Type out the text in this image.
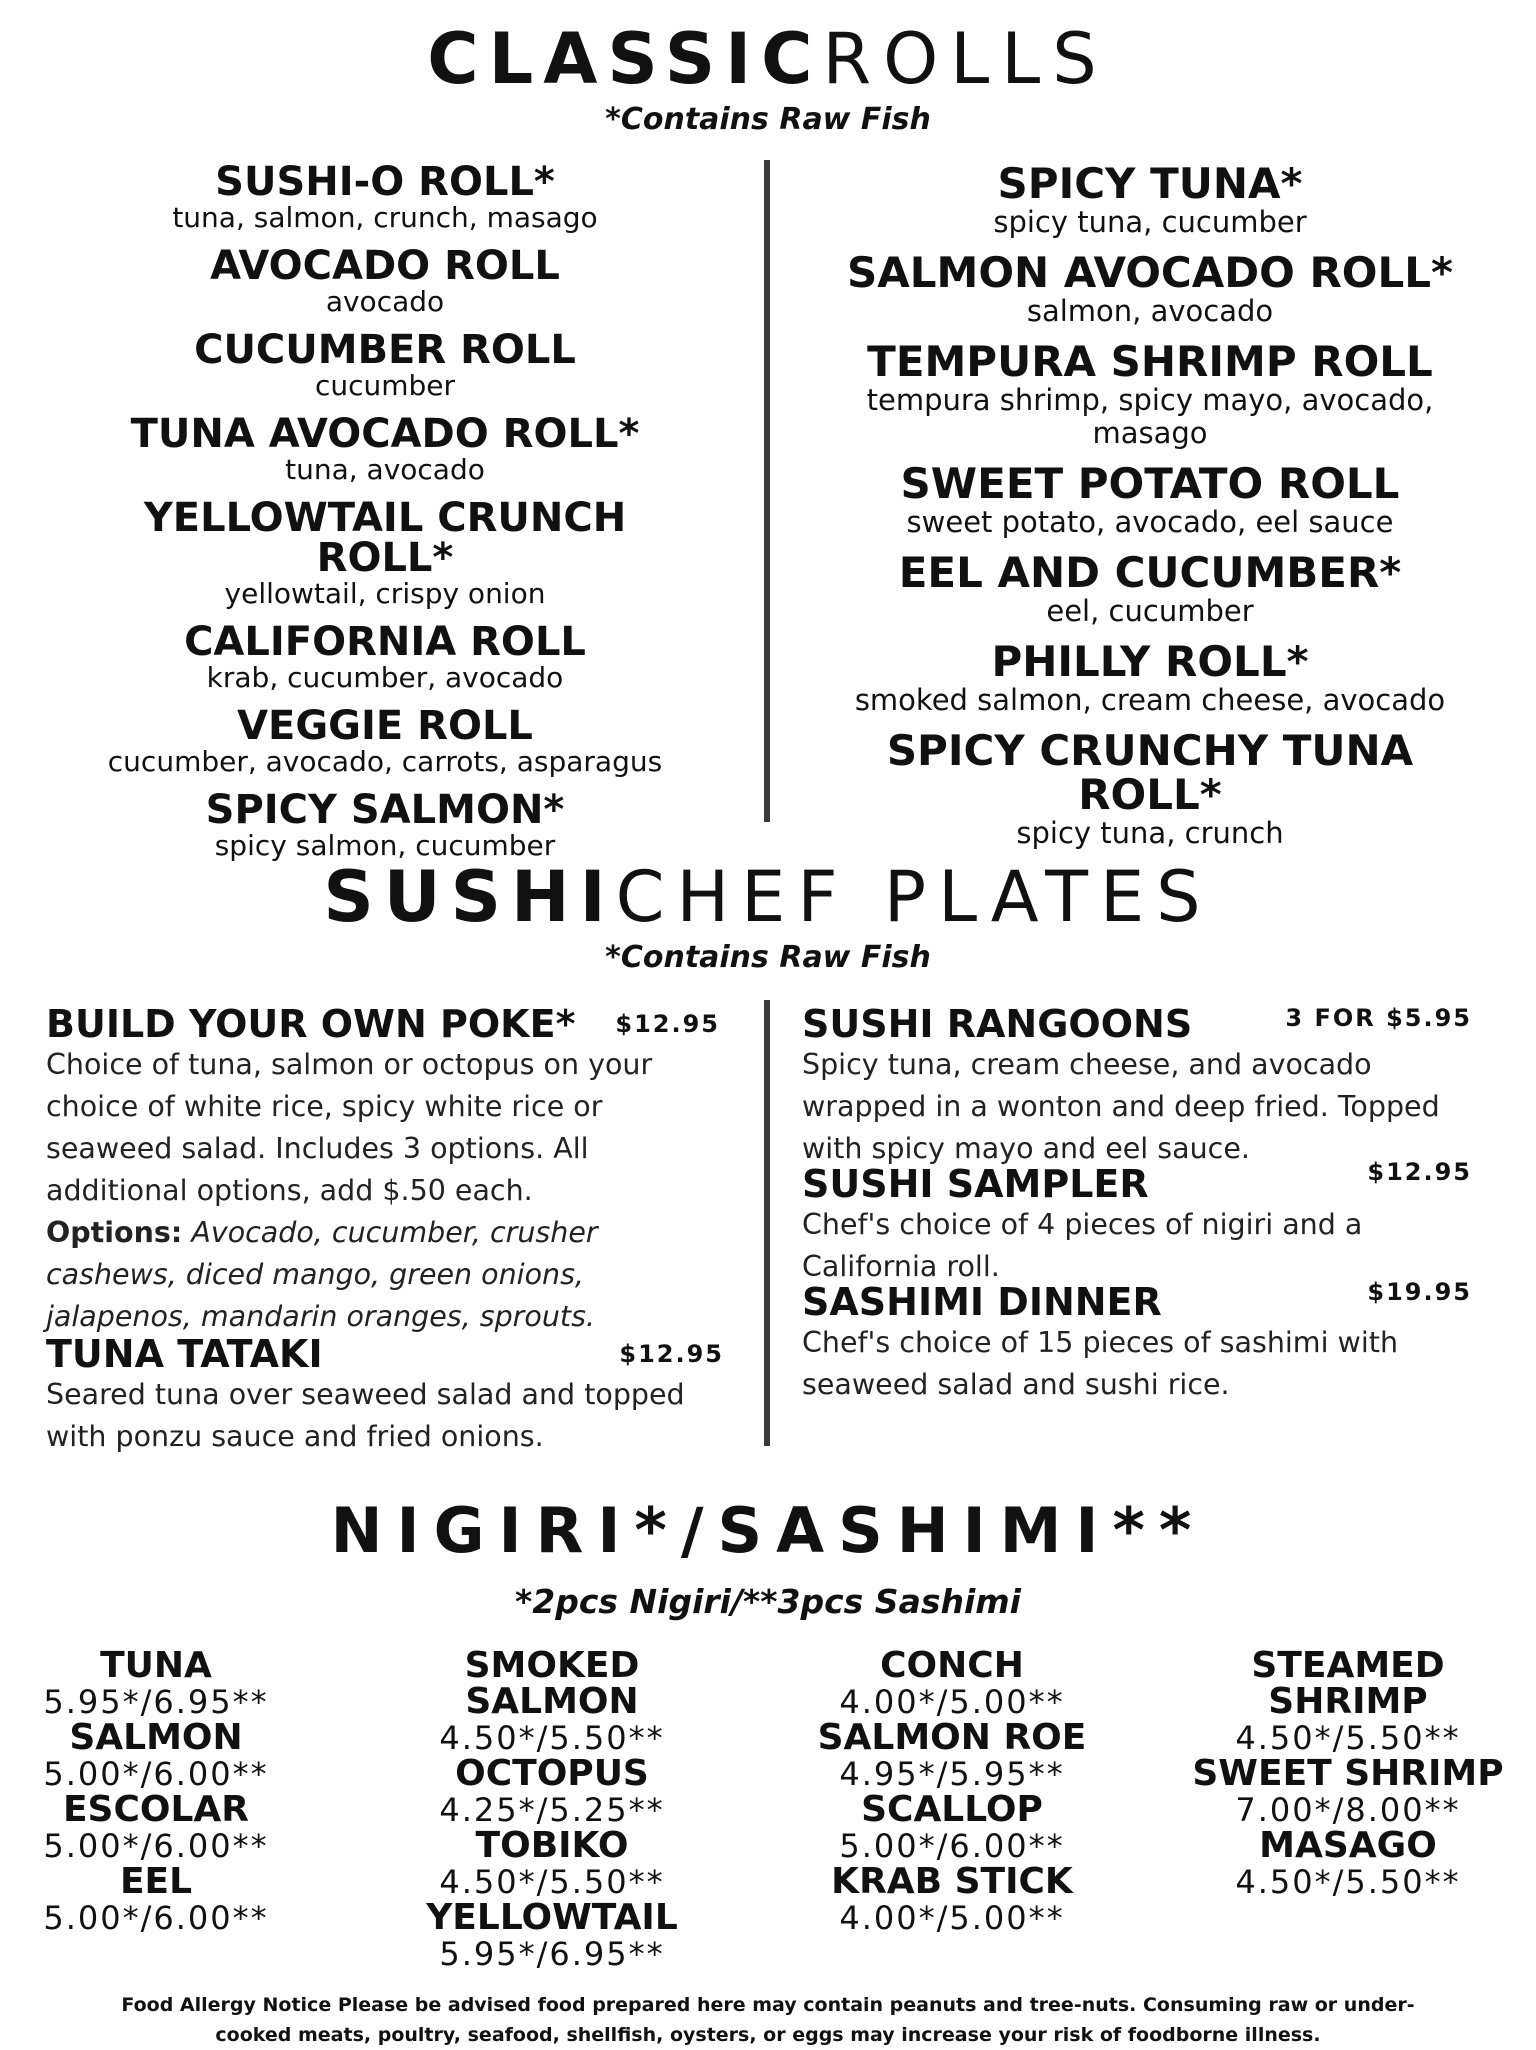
CLASSICROLLS
*Contains Raw Fish
SUSHI-O ROLL*
tuna, salmon, crunch, masago
AVOCADO ROLL
avocado
CUCUMBER ROLL
cucumber
TUNA AVOCADO ROLL*
tuna, avocado
YELLOWTAIL CRUNCH ROLL*
yellowtail, crispy onion
CALIFORNIA ROLL
krab, cucumber, avocado
VEGGIE ROLL
cucumber, avocado, carrots, asparagus
SPICY SALMON*
spicy salmon, cucumber
SPICY TUNA*
spicy tuna, cucumber
SALMON AVOCADO ROLL*
salmon, avocado
TEMPURA SHRIMP ROLL
tempura shrimp, spicy mayo, avocado, masago
SWEET POTATO ROLL
sweet potato, avocado, eel sauce
EEL AND CUCUMBER*
eel, cucumber
PHILLY ROLL*
smoked salmon, cream cheese, avocado
SPICY CRUNCHY TUNA ROLL*
spicy tuna, crunch
SUSHICHEF PLATES
*Contains Raw Fish
BUILD YOUR OWN POKE* $12.95
Choice of tuna, salmon or octopus on your choice of white rice, spicy white rice or seaweed salad. Includes 3 options. All additional options, add $.50 each.
Options: Avocado, cucumber, crusher cashews, diced mango, green onions, jalapenos, mandarin oranges, sprouts.
TUNA TATAKI	$12.95
Seared tuna over seaweed salad and topped with ponzu sauce and fried onions.
SUSHI RANGOONS	3 FOR $5.95
Spicy tuna, cream cheese, and avocado wrapped in a wonton and deep fried. Topped with spicy mayo and eel sauce.
SUSHI SAMPLER	$12.95
Chef's choice of 4 pieces of nigiri and a California roll.
SASHIMI DINNER	$19.95
Chef's choice of 15 pieces of sashimi with seaweed salad and sushi rice.
NIGIRI*/SASHIMI**
*2pcs Nigiri/**3pcs Sashimi
TUNA
5.95*/6.95**
SALMON
5.00*/6.00**
ESCOLAR
5.00*/6.00**
EEL
5.00*/6.00**
SMOKED SALMON
4.50*/5.50**
OCTOPUS
4.25*/5.25**
TOBIKO
4.50*/5.50**
YELLOWTAIL
5.95*/6.95**
CONCH
4.00*/5.00**
SALMON ROE
4.95*/5.95**
SCALLOP
5.00*/6.00**
KRAB STICK
4.00*/5.00**
STEAMED SHRIMP
4.50*/5.50**
SWEET SHRIMP
7.00*/8.00**
MASAGO
4.50*/5.50**
Food Allergy Notice Please be advised food prepared here may contain peanuts and tree-nuts. Consuming raw or under-
cooked meats, poultry, seafood, shellfish, oysters, or eggs may increase your risk of foodborne illness.
